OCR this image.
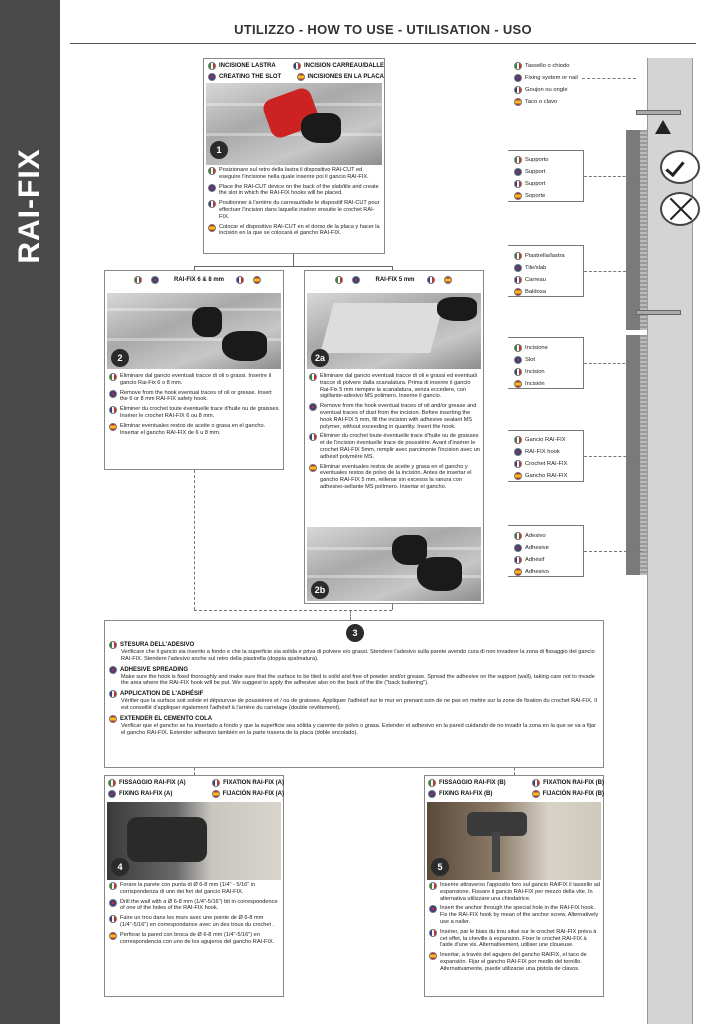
RAI-FIX
UTILIZZO - HOW TO USE - UTILISATION - USO
INCISIONE LASTRA	INCISION CARREAU/DALLE
CREATING THE SLOT	INCISIONES EN LA PLACA
1
Posizionare sul retro della lastra il dispositivo RAI-CUT ed eseguire l'incisione nella quale inserire poi il gancio RAI-FIX.
Place the RAI-CUT device on the back of the slab/tile and create the slot in which the RAI-FIX hooks will be placed.
Positionner à l'arrière du carreau/dalle le dispositif RAI-CUT pour effectuer l'incision dans laquelle insérer ensuite le crochet RAI-FIX.
Colocar el dispositivo RAI-CUT en el dorso de la placa y hacer la incisión en la que se colocará el gancho RAI-FIX.
RAI-FIX 6 & 8 mm
2
Eliminare dal gancio eventuali tracce di oli o grassi. Inserire il gancio Rai-Fix 6 o 8 mm.
Remove from the hook eventual traces of oil or grease. Insert the 6 or 8 mm RAI-FIX safety hook.
Éliminer du crochet toute éventuelle trace d'huile ou de graisses. Insérer le crochet RAI-FIX 6 ou 8 mm.
Eliminar eventuales restos de aceite o grasa en el gancho. Insertar el gancho RAI-FIX de 6 u 8 mm.
RAI-FIX 5 mm
2a
Eliminare dal gancio eventuali tracce di oli e grassi ed eventuali tracce di polvere dalla scanalatura. Prima di inserire il gancio Rai-Fix 5 mm riempire la scanalatura, senza eccedere, con sigillante-adesivo MS polimero. Inserire il gancio.
Remove from the hook eventual traces of oil and/or grease and eventual traces of dust from the incision. Before inserting the hook RAI-FIX 5 mm, fill the incision with adhesive sealant MS polymer, without exceeding in quantity. Insert the hook.
Éliminer du crochet toute éventuelle trace d'huile ou de graisses et de l'incision éventuelle trace de poussière. Avant d'insérer le crochet RAI-FIX 5mm, remplir avec parcimonie l'incision avec un adhésif polymère MS.
Eliminar eventuales restos de aceite y grasa en el gancho y eventuales restos de polvo de la incisión. Antes de insertar el gancho RAI-FIX 5 mm, rellenar sin excesos la ranura con adhesivo-sellante MS polímero. Insertar el gancho.
2b
3
STESURA DELL'ADESIVO
Verificare che il gancio sia inserito a fondo e che la superficie sia solida e priva di polvere e/o grassi. Stendere l'adesivo sulla parete avendo cura di non invadere la zona di fissaggio del gancio RAI-FIX. Stendere l'adesivo anche sul retro della piastrella (doppia spalmatura).
ADHESIVE SPREADING
Make sure the hook is fixed thoroughly and make sure that the surface to be tiled is solid and free of powder and/or grease. Spread the adhesive on the support (wall), taking care not to invade the area where the RAI-FIX hook will be put. We suggest to apply the adhesive also on the back of the tile ("back buttering").
APPLICATION DE L'ADHÉSIF
Vérifier que la surface soit solide et dépourvue de poussières et / ou de graisses. Appliquer l'adhésif sur le mur en prenant soin de ne pas en mettre sur la zone de fixation du crochet RAI-FIX. Il est conseillé d'appliquer également l'adhésif à l'arrière du carrelage (double revêtement).
EXTENDER EL CEMENTO COLA
Verificar que el gancho se ha insertado a fondo y que la superficie sea sólida y carente de polvo o grasa. Extender el adhesivo en la pared cuidando de no invadir la zona en la que se va a fijar el gancho RAI-FIX. Extender adhesivo también en la parte trasera de la placa (doble encolado).
FISSAGGIO RAI-FIX (A)	FIXATION RAI-FIX (A)
FIXING RAI-FIX (A)	FIJACIÓN RAI-FIX (A)
4
Forare la parete con punta di Ø 6-8 mm (1/4" - 5/16" in corrispondenza di uno dei fori del gancio RAI-FIX.
Drill the wall with a Ø 6-8 mm (1/4"-5/16") bit in correspondence of one of the holes of the RAI-FIX hook.
Faire un trou dans les murs avec une pointe de Ø 6-8 mm (1/4"-5/16") en correspondance avec un des trous du crochet .
Perforar la pared con broca de Ø 6-8 mm (1/4"-5/16") en correspondencia con uno de los agujeros del gancho RAI-FIX.
FISSAGGIO RAI-FIX (B)	FIXATION RAI-FIX (B)
FIXING RAI-FIX (B)	FIJACIÓN RAI-FIX (B)
5
Inserire attraverso l'apposito foro sul gancio RAIFIX il tassello ad espansione. Fissare il gancio RAI-FIX per mezzo della vite. In alternativa utilizzare una chiodatrice.
Insert the anchor through the special hole in the RAI-FIX hook. Fix the RAI-FIX hook by mean of the anchor screw. Alternatively use a nailer.
Insérer, par le biais du trou situé sur le crochet RAI-FIX prévu à cet effet, la cheville à expansion. Fixer le crochet RAI-FIX à l'aide d'une vis. Alternativement, utiliser une cloueuse.
Insertar, a través del agujero del gancho RAIFIX, el taco de expansión. Fijar el gancho RAI-FIX por medio del tornillo. Alternativamente, puede utilizarse una pistola de clavos.
Tassello o chiodo
Fixing system or nail
Goujon ou ongle
Taco o clavo
Supporto
Support
Support
Soporte
Piastrella/lastra
Tile/slab
Carreau
Baldosa
Incisione
Slot
Incision
Incisión
Gancio RAI-FIX
RAI-FIX hook
Crochet RAI-FIX
Gancho RAI-FIX
Adesivo
Adhesive
Adhésif
Adhesivo
